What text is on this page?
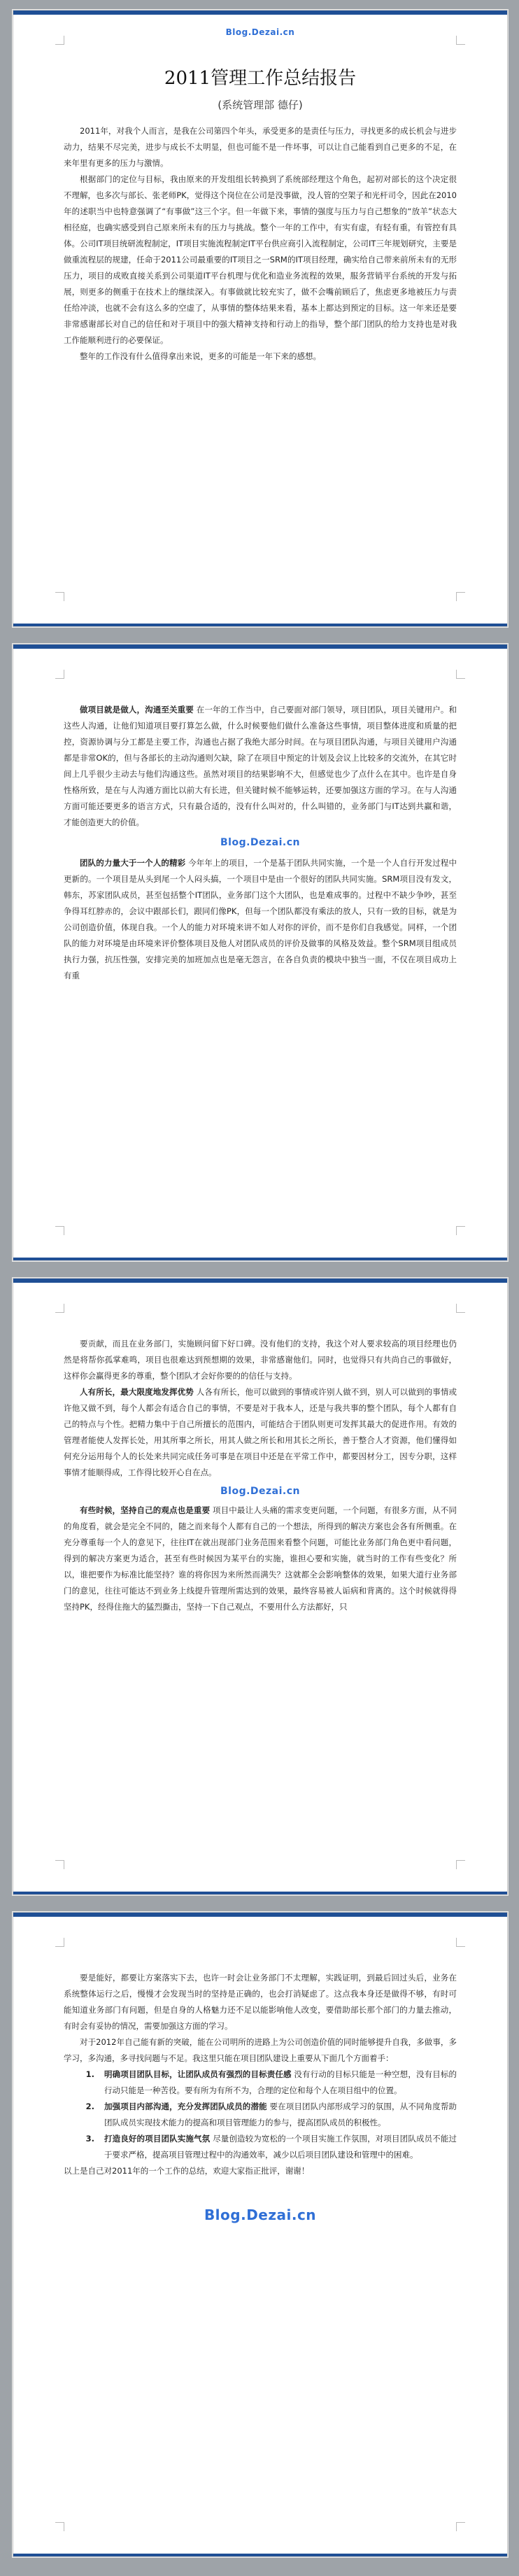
Blog.Dezai.cn
2011管理工作总结报告
(系统管理部 德仔)

2011年，对我个人而言，是我在公司第四个年头，承受更多的是责任与压力，寻找更多的成长机会与进步动力，结果不尽完美，进步与成长不太明显，但也可能不是一件坏事，可以让自己能看到自己更多的不足，在来年里有更多的压力与激情。

根据部门的定位与目标，我由原来的开发组组长转换到了系统部经理这个角色，起初对部长的这个决定很不理解，也多次与部长、张老师PK，觉得这个岗位在公司是没事做，没人管的空架子和光杆司令，因此在2010年的述职当中也特意强调了“有事做”这三个字。但一年做下来，事情的强度与压力与自己想象的“放羊”状态大相径庭，也确实感受到自己原来所未有的压力与挑战。整个一年的工作中，有实有虚，有轻有重，有管控有具体。公司IT项目统研流程制定，IT项目实施流程制定IT平台供应商引入流程制定，公司IT三年规划研究，主要是做重流程层的规建，任命于2011公司最重要的IT项目之一SRM的IT项目经理，确实给自己带来前所未有的无形压力，项目的成败直接关系到公司渠道IT平台机理与优化和造业务流程的效果，服务营销平台系统的开发与拓展，则更多的侧重于在技术上的继续深入。有事做就比较充实了，做不会嘴前顾后了，焦虑更多地被压力与责任给冲淡，也就不会有这么多的空虚了，从事情的整体结果来看，基本上都达到预定的目标。这一年来还是要非常感谢部长对自己的信任和对于项目中的强大精神支持和行动上的指导，整个部门团队的给力支持也是对我工作能顺利进行的必要保证。

整年的工作没有什么值得拿出来说，更多的可能是一年下来的感想。

做项目就是做人，沟通至关重要 在一年的工作当中，自己要面对部门领导，项目团队，项目关键用户。和这些人沟通，让他们知道项目要打算怎么做，什么时候要他们做什么准备这些事情，项目整体进度和质量的把控，资源协调与分工都是主要工作，沟通也占据了我绝大部分时间。在与项目团队沟通，与项目关键用户沟通都是非常OK的，但与各部长的主动沟通则欠缺，除了在项目中预定的计划及会议上比较多的交流外，在其它时间上几乎很少主动去与他们沟通这些。虽然对项目的结果影响不大，但感觉也少了点什么在其中。也许是自身性格所致，是在与人沟通方面比以前大有长进，但关键时候不能够运转，还要加强这方面的学习。在与人沟通方面可能还要更多的语言方式，只有最合适的，没有什么叫对的，什么叫错的，业务部门与IT达到共赢和谐，才能创造更大的价值。

Blog.Dezai.cn

团队的力量大于一个人的精彩 今年年上的项目，一个是基于团队共同实施，一个是一个人自行开发过程中更新的。一个项目是从头到尾一个人闷头搞，一个项目中是由一个很好的团队共同实施。SRM项目没有发文，韩东，苏家团队成员，甚至包括整个IT团队，业务部门这个大团队，也是难成事的。过程中不缺少争吵，甚至争得耳红脖赤的，会议中跟部长们，跟同们像PK，但每一个团队都没有乘法的放人，只有一致的目标，就是为公司创造价值，体现自我。一个人的能力对环境来讲不如人对你的评价，而不是你们自我感觉。同样，一个团队的能力对环境是由环境来评价整体项目及他人对团队成员的评价及做事的风格及效益。整个SRM项目组成员执行力强，抗压性强，安排完美的加班加点也是毫无怨言，在各自负责的模块中独当一面，不仅在项目成功上有重

要贡献，而且在业务部门，实施顾问留下好口碑。没有他们的支持，我这个对人要求较高的项目经理也仍然是将帮你孤掌难鸣，项目也很难达到预想期的效果，非常感谢他们。同时，也觉得只有共尚自己的事做好，这样你会赢得更多的尊重，整个团队才会好你要的的信任与支持。

人有所长，最大限度地发挥优势 人各有所长，他可以做到的事情或许别人做不到，别人可以做到的事情或许他又做不到，每个人都会有适合自己的事情，不要是对于我本人，还是与我共事的整个团队，每个人都有自己的特点与个性。把精力集中于自己所擅长的范围内，可能结合于团队则更可发挥其最大的促进作用。有效的管理者能使人发挥长处，用其所事之所长，用其人做之所长和用其长之所长，善于整合人才资源，他们懂得如何充分运用每个人的长处来共同完成任务可事是在项目中还是在平常工作中，都要因材分工，因专分职，这样事情才能顺得成，工作得比较开心自在点。

Blog.Dezai.cn

有些时候，坚持自己的观点也是重要 项目中最让人头痛的需求变更问题，一个问题，有很多方面，从不同的角度看，就会是完全不同的，随之而来每个人都有自己的一个想法，所得到的解决方案也会各有所侧重。在充分尊重每一个人的意见下，往往IT在就出现部门业务范围来看整个问题，可能比业务部门角色更中看问题，得到的解决方案更为适合，甚至有些时候因为某平台的实施，谁担心要和实施，就当时的工作有些变化？所以，谁把要作为标准比能坚持？谁的将你因为来所然而满失？这就都全会影响整体的效果，如果大道行业务部门的意见，往往可能达不到业务上线提升管理所需达到的效果，最终容易被人诟病和背离的。这个时候就得得坚持PK，经得住拖大的猛烈撕击，坚持一下自己观点，不要用什么方法都好，只

要是能好，都要让方案落实下去，也许一时会让业务部门不太理解，实践证明，到最后回过头后，业务在系统整体运行之后，慢慢才会发现当时的坚持是正确的，也会打消疑虑了。这点我本身还是做得不够，有时可能知道业务部门有问题，但是自身的人格魅力还不足以能影响他人改变，要借助部长那个部门的力量去推动，有时会有妥协的情况，需要加强这方面的学习。

对于2012年自己能有新的突破，能在公司明所的进路上为公司创造价值的同时能够提升自我，多做事，多学习，多沟通，多寻找问题与不足。我这里只能在项目团队建设上重要从下面几个方面着手：

1.	明确项目团队目标，让团队成员有强烈的目标责任感 没有行动的目标只能是一种空想，没有目标的行动只能是一种苦役。要有所为有所不为，合理的定位和每个人在项目组中的位置。
2.	加强项目内部沟通，充分发挥团队成员的潜能 要在项目团队内部形成学习的氛围，从不同角度帮助团队成员实现技术能力的提高和项目管理能力的参与，提高团队成员的积极性。
3.	打造良好的项目团队实施气氛 尽量创造较为宽松的一个项目实施工作氛围，对项目团队成员不能过于要求严格，提高项目管理过程中的沟通效率，减少以后项目团队建设和管理中的困难。

以上是自己对2011年的一个工作的总结，欢迎大家指正批评，谢谢！

Blog.Dezai.cn
